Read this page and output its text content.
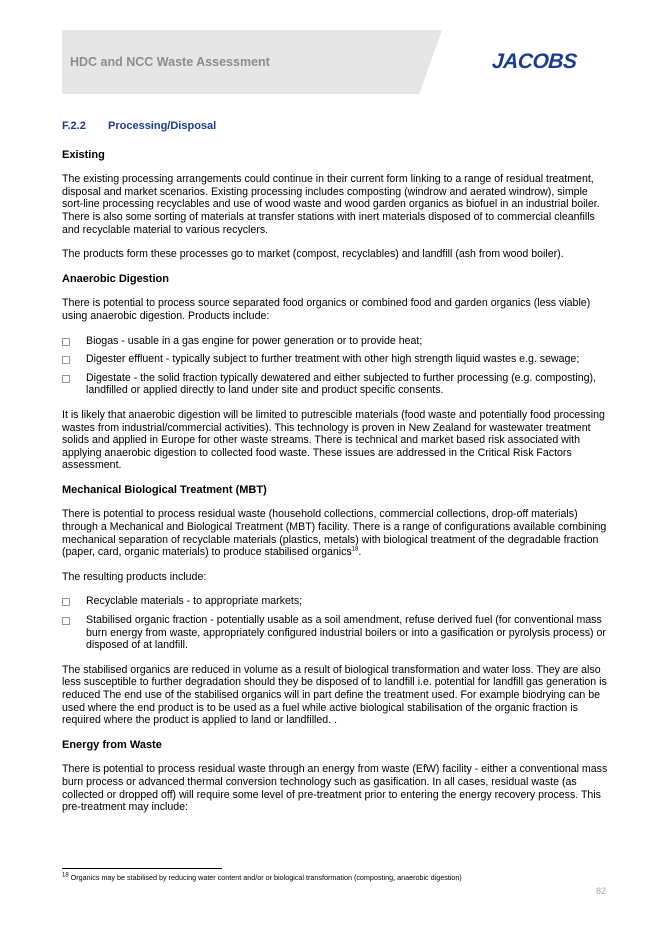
HDC and NCC Waste Assessment	JACOBS
F.2.2 Processing/Disposal
Existing

The existing processing arrangements could continue in their current form linking to a range of residual treatment, disposal and market scenarios. Existing processing includes composting (windrow and aerated windrow), simple sort-line processing recyclables and use of wood waste and wood garden organics as biofuel in an industrial boiler. There is also some sorting of materials at transfer stations with inert materials disposed of to commercial cleanfills and recyclable material to various recyclers.

The products form these processes go to market (compost, recyclables) and landfill (ash from wood boiler).

Anaerobic Digestion

There is potential to process source separated food organics or combined food and garden organics (less viable) using anaerobic digestion. Products include:

Biogas - usable in a gas engine for power generation or to provide heat;
Digester effluent - typically subject to further treatment with other high strength liquid wastes e.g. sewage;
Digestate - the solid fraction typically dewatered and either subjected to further processing (e.g. composting), landfilled or applied directly to land under site and product specific consents.

It is likely that anaerobic digestion will be limited to putrescible materials (food waste and potentially food processing wastes from industrial/commercial activities). This technology is proven in New Zealand for wastewater treatment solids and applied in Europe for other waste streams. There is technical and market based risk associated with applying anaerobic digestion to collected food waste. These issues are addressed in the Critical Risk Factors assessment.

Mechanical Biological Treatment (MBT)

There is potential to process residual waste (household collections, commercial collections, drop-off materials) through a Mechanical and Biological Treatment (MBT) facility. There is a range of configurations available combining mechanical separation of recyclable materials (plastics, metals) with biological treatment of the degradable fraction (paper, card, organic materials) to produce stabilised organics$^{18}$.

The resulting products include:

Recyclable materials - to appropriate markets;
Stabilised organic fraction - potentially usable as a soil amendment, refuse derived fuel (for conventional mass burn energy from waste, appropriately configured industrial boilers or into a gasification or pyrolysis process) or disposed of at landfill.

The stabilised organics are reduced in volume as a result of biological transformation and water loss. They are also less susceptible to further degradation should they be disposed of to landfill i.e. potential for landfill gas generation is reduced The end use of the stabilised organics will in part define the treatment used. For example biodrying can be used where the end product is to be used as a fuel while active biological stabilisation of the organic fraction is required where the product is applied to land or landfilled. .

Energy from Waste

There is potential to process residual waste through an energy from waste (EfW) facility - either a conventional mass burn process or advanced thermal conversion technology such as gasification. In all cases, residual waste (as collected or dropped off) will require some level of pre-treatment prior to entering the energy recovery process. This pre-treatment may include:

$^{18}$ Organics may be stabilised by reducing water content and/or or biological transformation (composting, anaerobic digestion)
82
